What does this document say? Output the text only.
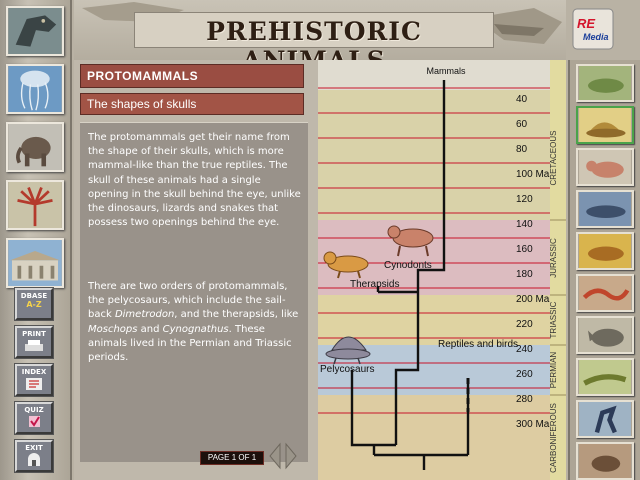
DBASE
A-Z
PRINT
INDEX
QUIZ
EXIT
PREHISTORIC	RE
Media
PROTOMAMMALS
The shapes of skulls
The protomammals get their name from the shape of their skulls, which is more mammal-like than the true reptiles. The skull of these animals had a single opening in the skull behind the eye, unlike the dinosaurs, lizards and snakes that possess two openings behind the eye.
There are two orders of protomammals, the pelycosaurs, which include the sail-back Dimetrodon, and the therapsids, like Moschops and Cynognathus. These animals lived in the Permian and Triassic periods.
PAGE 1 OF 1
40
60
80
100 Ma
120
140
160
180
200 Ma
220
240
260
280
300 Ma
CRETACEOUS
JURASSIC
TRIASSIC
PERMIAN
CARBONIFEROUS
Mammals
Cynodonts
Therapsids
Reptiles and birds
Pelycosaurs
